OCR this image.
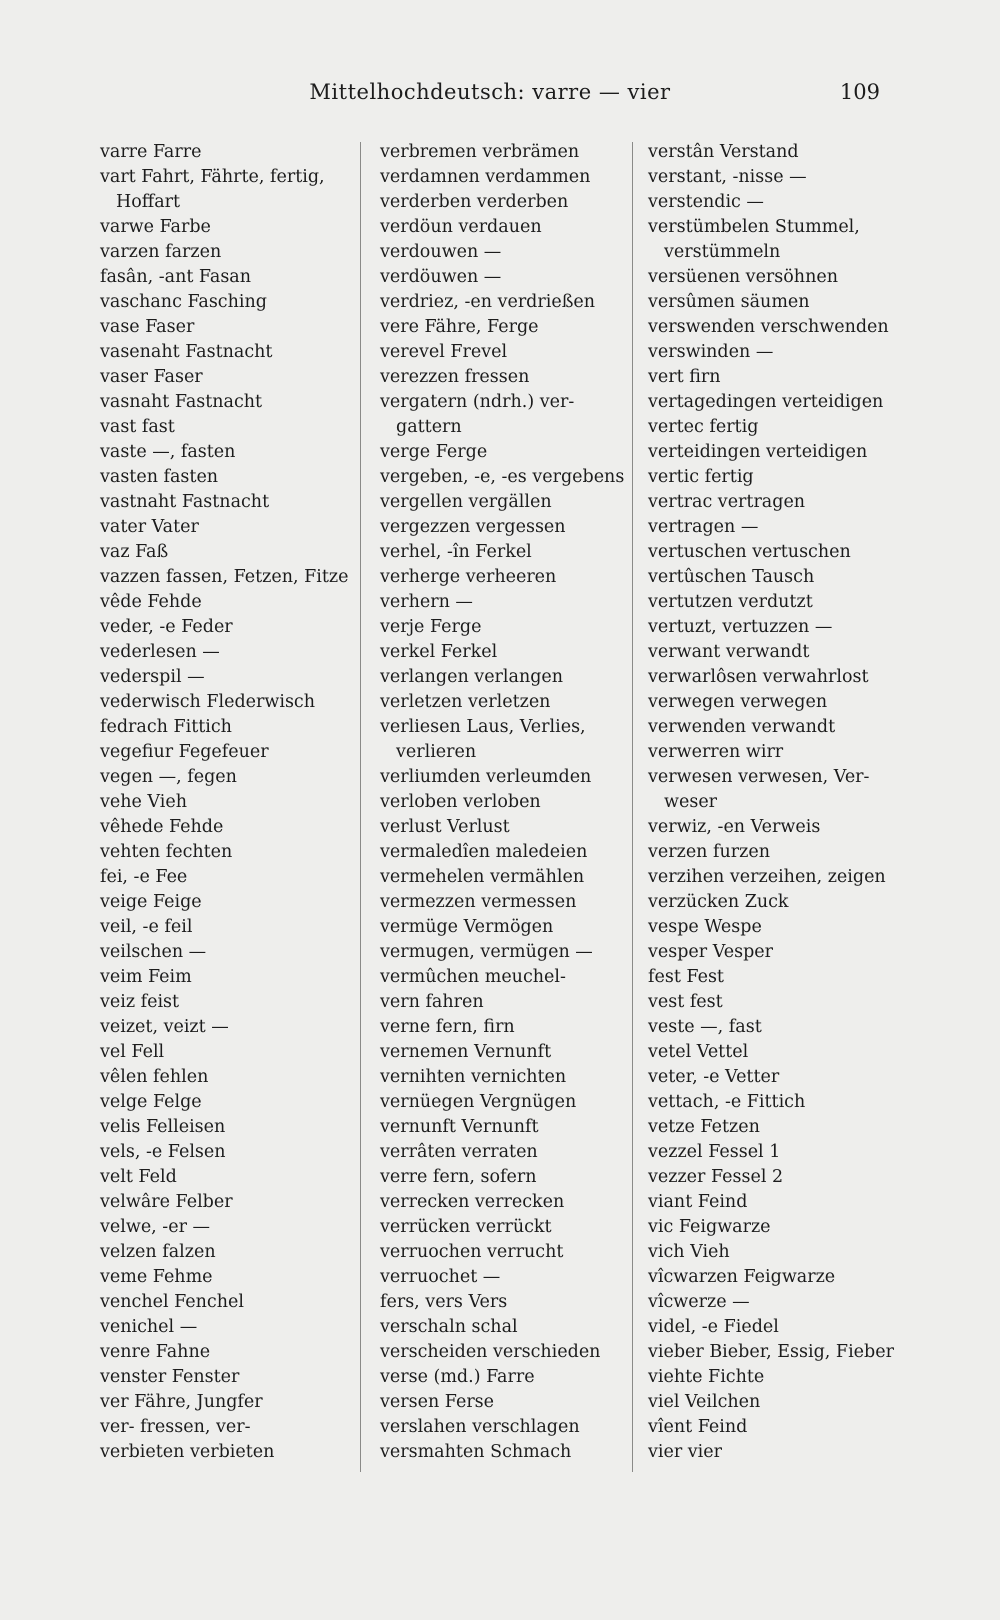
Mittelhochdeutsch: varre — vier	109
varre Farre
vart Fahrt, Fährte, fertig,
Hoffart
varwe Farbe
varzen farzen
fasân, -ant Fasan
vaschanc Fasching
vase Faser
vasenaht Fastnacht
vaser Faser
vasnaht Fastnacht
vast fast
vaste —, fasten
vasten fasten
vastnaht Fastnacht
vater Vater
vaz Faß
vazzen fassen, Fetzen, Fitze
vêde Fehde
veder, -e Feder
vederlesen —
vederspil —
vederwisch Flederwisch
fedrach Fittich
vegefiur Fegefeuer
vegen —, fegen
vehe Vieh
vêhede Fehde
vehten fechten
fei, -e Fee
veige Feige
veil, -e feil
veilschen —
veim Feim
veiz feist
veizet, veizt —
vel Fell
vêlen fehlen
velge Felge
velis Felleisen
vels, -e Felsen
velt Feld
velwâre Felber
velwe, -er —
velzen falzen
veme Fehme
venchel Fenchel
venichel —
venre Fahne
venster Fenster
ver Fähre, Jungfer
ver- fressen, ver-
verbieten verbieten
verbremen verbrämen
verdamnen verdammen
verderben verderben
verdöun verdauen
verdouwen —
verdöuwen —
verdriez, -en verdrießen
vere Fähre, Ferge
verevel Frevel
verezzen fressen
vergatern (ndrh.) ver-
gattern
verge Ferge
vergeben, -e, -es vergebens
vergellen vergällen
vergezzen vergessen
verhel, -în Ferkel
verherge verheeren
verhern —
verje Ferge
verkel Ferkel
verlangen verlangen
verletzen verletzen
verliesen Laus, Verlies,
verlieren
verliumden verleumden
verloben verloben
verlust Verlust
vermaledîen maledeien
vermehelen vermählen
vermezzen vermessen
vermüge Vermögen
vermugen, vermügen —
vermûchen meuchel-
vern fahren
verne fern, firn
vernemen Vernunft
vernihten vernichten
vernüegen Vergnügen
vernunft Vernunft
verrâten verraten
verre fern, sofern
verrecken verrecken
verrücken verrückt
verruochen verrucht
verruochet —
fers, vers Vers
verschaln schal
verscheiden verschieden
verse (md.) Farre
versen Ferse
verslahen verschlagen
versmahten Schmach
verstân Verstand
verstant, -nisse —
verstendic —
verstümbelen Stummel,
verstümmeln
versüenen versöhnen
versûmen säumen
verswenden verschwenden
verswinden —
vert firn
vertagedingen verteidigen
vertec fertig
verteidingen verteidigen
vertic fertig
vertrac vertragen
vertragen —
vertuschen vertuschen
vertûschen Tausch
vertutzen verdutzt
vertuzt, vertuzzen —
verwant verwandt
verwarlôsen verwahrlost
verwegen verwegen
verwenden verwandt
verwerren wirr
verwesen verwesen, Ver-
weser
verwiz, -en Verweis
verzen furzen
verzihen verzeihen, zeigen
verzücken Zuck
vespe Wespe
vesper Vesper
fest Fest
vest fest
veste —, fast
vetel Vettel
veter, -e Vetter
vettach, -e Fittich
vetze Fetzen
vezzel Fessel 1
vezzer Fessel 2
viant Feind
vic Feigwarze
vich Vieh
vîcwarzen Feigwarze
vîcwerze —
videl, -e Fiedel
vieber Bieber, Essig, Fieber
viehte Fichte
viel Veilchen
vîent Feind
vier vier
